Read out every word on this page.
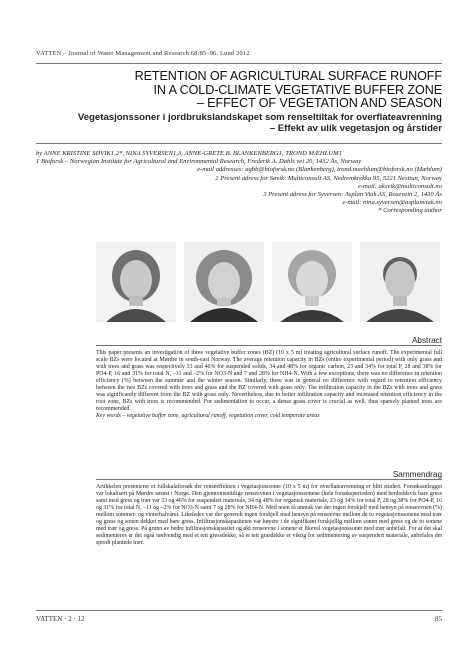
VATTEN – Journal of Water Management and Research 68:85–96. Lund 2012
RETENTION OF AGRICULTURAL SURFACE RUNOFF
IN A COLD-CLIMATE VEGETATIVE BUFFER ZONE
– EFFECT OF VEGETATION AND SEASON
Vegetasjonssoner i jordbrukslandskapet som renseltiltak for overflateavrenning
– Effekt av ulik vegetasjon og årstider

by ANNE KRISTINE SØVIK1,2*, NINA SYVERSEN1,3, ANNE-GRETE B. BLANKENBERG1, TROND MÆHLUM1

1 Bioforsk – Norwegian Institute for Agricultural and Environmental Research, Frederik A. Dahls vei 20, 1432 Ås, Norway

e-mail addresses: agbb@bioforsk.no (Blankenberg), trond.maehlum@bioforsk.no (Mæhlum)

2 Present adress for Søvik: Multiconsult AS, Nedremkrekka 95, 5221 Nesttun, Norway

e-mail: aksvik@multiconsult.no

3 Present adress for Syversen: Asplan Viak AS, Rosevein 2, 1430 Ås

e-mail: nina.syversen@asplanviak.no

* Corresponding author

Abstract

This paper presents an investigation of three vegetative buffer zones (BZ) (10 x 5 m) treating agricultural surface runoff. The experimental full scale BZs were located at Mørdre in south-east Norway. The average retention capacity in BZs (entire experimental period) with only grass and with trees and grass was respectively 33 and 46% for suspended solids, 34 and 48% for organic carbon, 23 and 34% for total P, 28 and 38% for PO4-P, 16 and 31% for total N, –11 and –2% for NO3-N and 7 and 28% for NH4-N. With a few exceptions, there was no difference in retention efficiency (%) between the summer and the winter season. Similarly, there was in general no difference with regard to retention efficiency between the two BZs covered with trees and grass and the BZ covered with grass only. The infiltration capacity in the BZs with trees and grass was significantly different from the BZ with grass only. Nevertheless, due to better infiltration capacity and increased retention efficiency in the root zone, BZs with trees is recommended. For sedimentation to occur, a dense grass cover is crucial as well, thus sparsely planted trees are recommended.

Key words – vegetative buffer zone, agricultural runoff, vegetation cover, cold temperate areas

Sammendrag

Artikkelen presenterer et fullskalaforsøk der renseeffekten i vegetasjonssoner (10 x 5 m) for overflateavrenning er blitt studert. Forsøksanlegget var lokalisert på Mørdre sørøst i Norge. Den gjennomsnittlige renseevnen i vegetasjonssonene (hele forsøksperioden) med henholdsvis bare gress samt med gress og trær var 33 og 46% for suspendert materiale, 34 og 48% for organisk materiale, 23 og 34% for total P, 28 og 38% for PO4-P, 16 og 31% for total N, –11 og –2% for NO3-N samt 7 og 28% for NH4-N. Med noen få unntak var der ingen forskjell med hensyn på renseevnen (%) mellom sommer- og vinterhalvåret. Likeledes var der generelt ingen forskjell med hensyn på renseevne mellom de to vegetasjonssonene med trær og gress og sonen dekket med bare gress. Infiltrasjonskapasiteten var høyere i de signifikant forskjellig mellom sonen med gress og de to sonene med trær og gress. På grunn av bedre infiltrasjonskapasitet og økt renseevne i sonene er likevel vegetasjonssoner med trær anbefalt. For at det skal sedimenteres er det også nødvendig med et tett gressdekke, så et tett grasdekke er viktig for sedimentering av suspendert materiale, anbefales det spredt plantede trær.

VATTEN · 2 · 12	85
